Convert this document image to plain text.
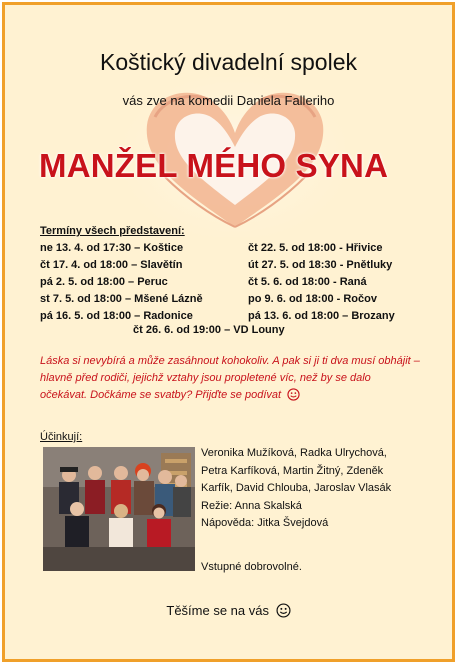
Koštický divadelní spolek
vás zve na komedii Daniela Falleriho
MANŽEL MÉHO SYNA
Termíny všech představení:
ne 13. 4. od 17:30 – Koštice
čt 17. 4. od 18:00 – Slavětín
pá 2. 5. od 18:00 – Peruc
st 7. 5. od 18:00 – Mšené Lázně
pá 16. 5. od 18:00 – Radonice
čt 22. 5. od 18:00 - Hřivice
út 27. 5. od 18:30 - Pnětluky
čt 5. 6. od 18:00 - Raná
po 9. 6. od 18:00 - Ročov
pá 13. 6. od 18:00 – Brozany
čt 26. 6. od 19:00 – VD Louny
Láska si nevybírá a může zasáhnout kohokoliv. A pak si ji ti dva musí obhájit – hlavně před rodiči, jejichž vztahy jsou propletené víc, než by se dalo očekávat. Dočkáme se svatby? Přijďte se podívat
Účinkují:
Veronika Mužíková, Radka Ulrychová,
Petra Karfíková, Martin Žitný, Zdeněk
Karfík, David Chlouba, Jaroslav Vlasák
Režie: Anna Skalská
Nápověda: Jitka Švejdová
Vstupné dobrovolné.
Těšíme se na vás
